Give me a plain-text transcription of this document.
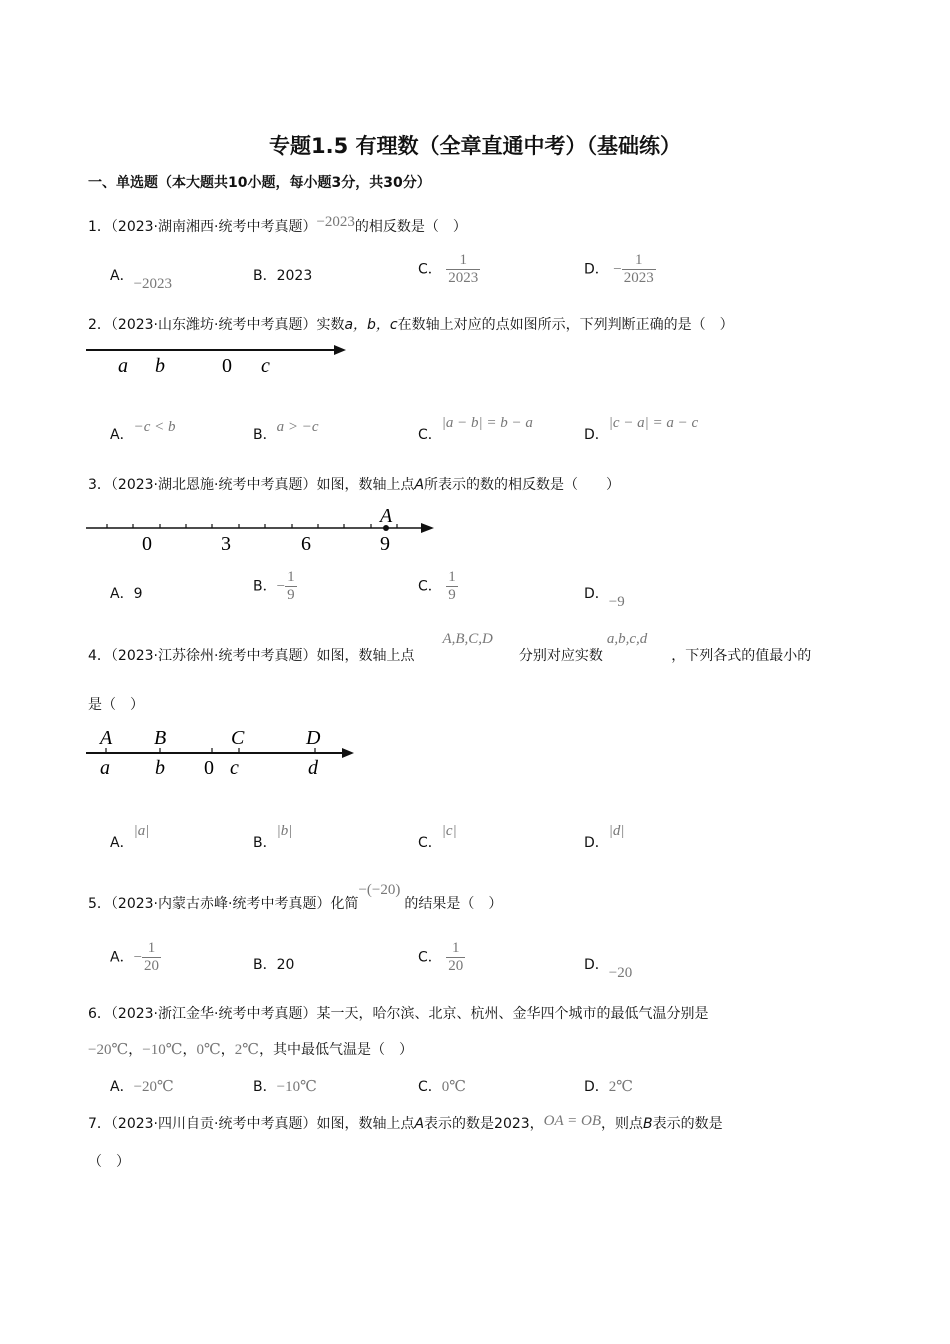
专题1.5 有理数（全章直通中考）（基础练）
一、单选题（本大题共10小题，每小题3分，共30分）
1．（2023·湖南湘西·统考中考真题）−2023的相反数是（　）
A．−2023	B．2023	C． $\frac{1}{2023}$	D． − $\frac{1}{2023}$
2．（2023·山东潍坊·统考中考真题）实数a，b，c在数轴上对应的点如图所示，下列判断正确的是（　）
a b	0 c
A．−c < b	B．a > −c	C．|a − b| = b − a
D．|c − a| = a − c
3．（2023·湖北恩施·统考中考真题）如图，数轴上点A所表示的数的相反数是（　　）
A
0	3	6	9
A．9	B．− $\frac{1}{9}$	C． $\frac{1}{9}$	D．−9
4．（2023·江苏徐州·统考中考真题）如图，数轴上点A,B,C,D分别对应实数a,b,c,d，下列各式的值最小的
是（　）
A B	C	D
a b 0 c	d
A．|a|
B．|b|
C．|c|
D．|d|
5．（2023·内蒙古赤峰·统考中考真题）化简−(−20)的结果是（　）
A．− $\frac{1}{20}$	B．20	C． $\frac{1}{20}$	D．−20
6．（2023·浙江金华·统考中考真题）某一天，哈尔滨、北京、杭州、金华四个城市的最低气温分别是
−20℃，−10℃，0℃，2℃，其中最低气温是（　）
A．−20℃	B．−10℃	C．0℃	D．2℃
7．（2023·四川自贡·统考中考真题）如图，数轴上点A表示的数是2023，OA = OB，则点B表示的数是
（　）
